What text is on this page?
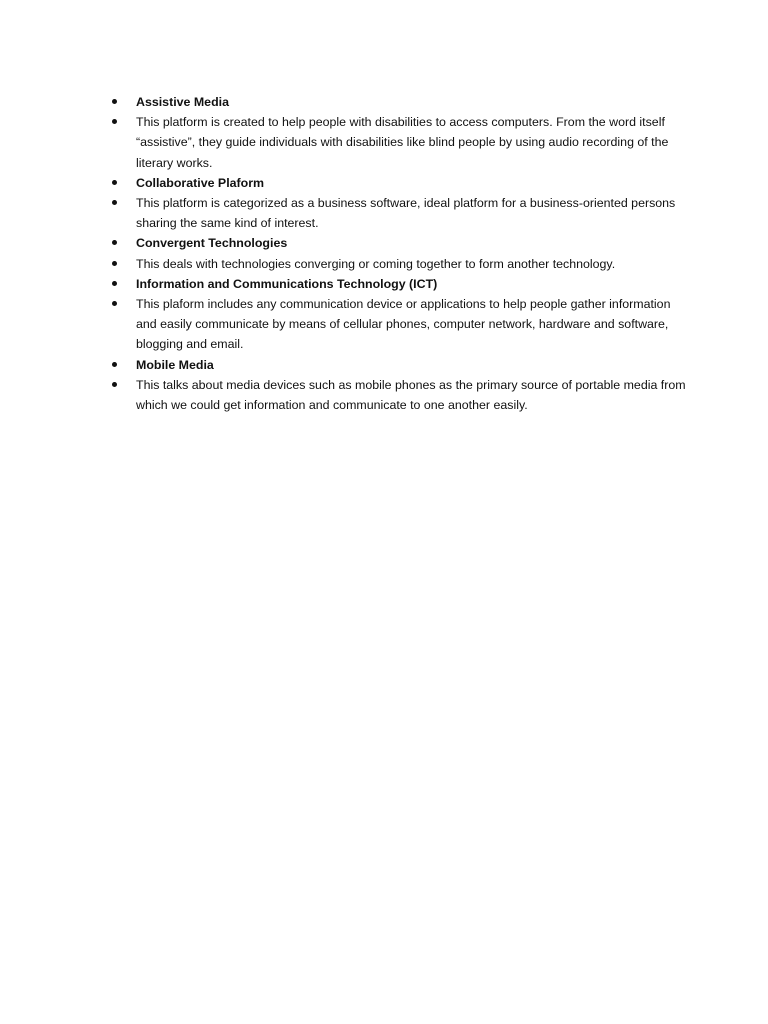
Assistive Media
This platform is created to help people with disabilities to access computers. From the word itself “assistive”, they guide individuals with disabilities like blind people by using audio recording of the literary works.
Collaborative Plaform
This platform is categorized as a business software, ideal platform for a business-oriented persons sharing the same kind of interest.
Convergent Technologies
This deals with technologies converging or coming together to form another technology.
Information and Communications Technology (ICT)
This plaform includes any communication device or applications to help people gather information and easily communicate by means of cellular phones, computer network, hardware and software, blogging and email.
Mobile Media
This talks about media devices such as mobile phones as the primary source of portable media from which we could get information and communicate to one another easily.
